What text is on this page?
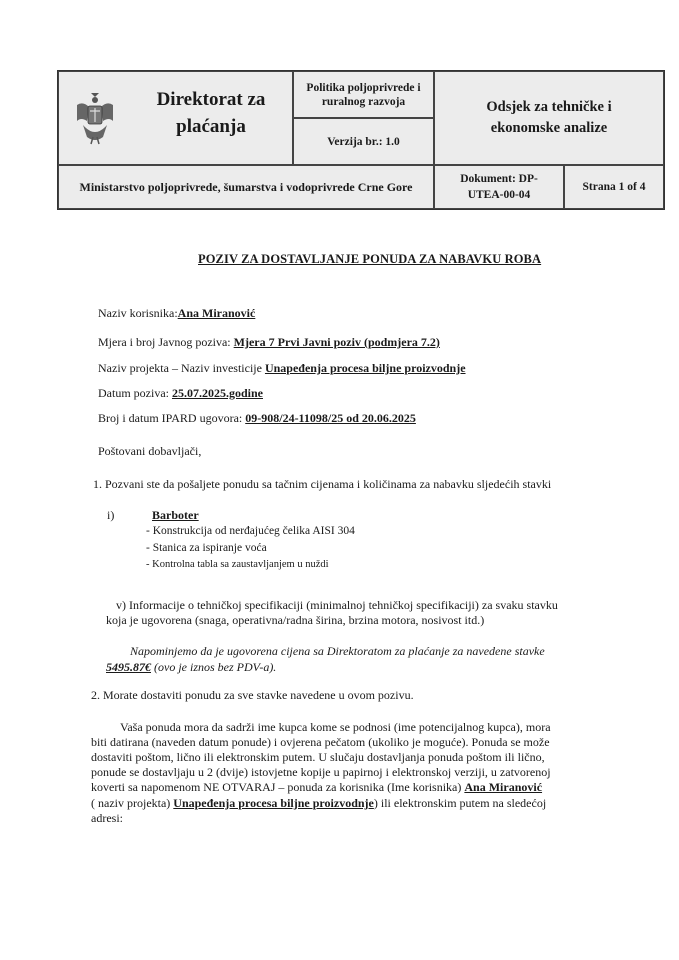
Direktorat za plaćanja
Politika poljoprivrede i ruralnog razvoja
Verzija br.: 1.0
Odsjek za tehničke i ekonomske analize
Ministarstvo poljoprivrede, šumarstva i vodoprivrede Crne Gore
Dokument: DP-UTEA-00-04
Strana 1 of 4
POZIV ZA DOSTAVLJANJE PONUDA ZA NABAVKU ROBA
Naziv korisnika:Ana Miranović
Mjera i broj Javnog poziva: Mjera 7 Prvi Javni poziv (podmjera 7.2)
Naziv projekta – Naziv investicije Unapeđenja procesa biljne proizvodnje
Datum poziva: 25.07.2025.godine
Broj i datum IPARD ugovora: 09-908/24-11098/25 od 20.06.2025
Poštovani dobavljači,
1. Pozvani ste da pošaljete ponudu sa tačnim cijenama i količinama za nabavku sljedećih stavki
i)	Barboter
- Konstrukcija od nerđajućeg čelika AISI 304
- Stanica za ispiranje voća
- Kontrolna tabla sa zaustavljanjem u nuždi
v) Informacije o tehničkoj specifikaciji (minimalnoj tehničkoj specifikaciji) za svaku stavku
koja je ugovorena (snaga, operativna/radna širina, brzina motora, nosivost itd.)
Napominjemo da je ugovorena cijena sa Direktoratom za plaćanje za navedene stavke
5495.87€ (ovo je iznos bez PDV-a).
2. Morate dostaviti ponudu za sve stavke navedene u ovom pozivu.
Vaša ponuda mora da sadrži ime kupca kome se podnosi (ime potencijalnog kupca), mora
biti datirana (naveden datum ponude) i ovjerena pečatom (ukoliko je moguće). Ponuda se može
dostaviti poštom, lično ili elektronskim putem. U slučaju dostavljanja ponuda poštom ili lično,
ponude se dostavljaju u 2 (dvije) istovjetne kopije u papirnoj i elektronskoj verziji, u zatvorenoj
koverti sa napomenom NE OTVARAJ – ponuda za korisnika (Ime korisnika) Ana Miranović
( naziv projekta) Unapeđenja procesa biljne proizvodnje) ili elektronskim putem na sledećoj
adresi:
